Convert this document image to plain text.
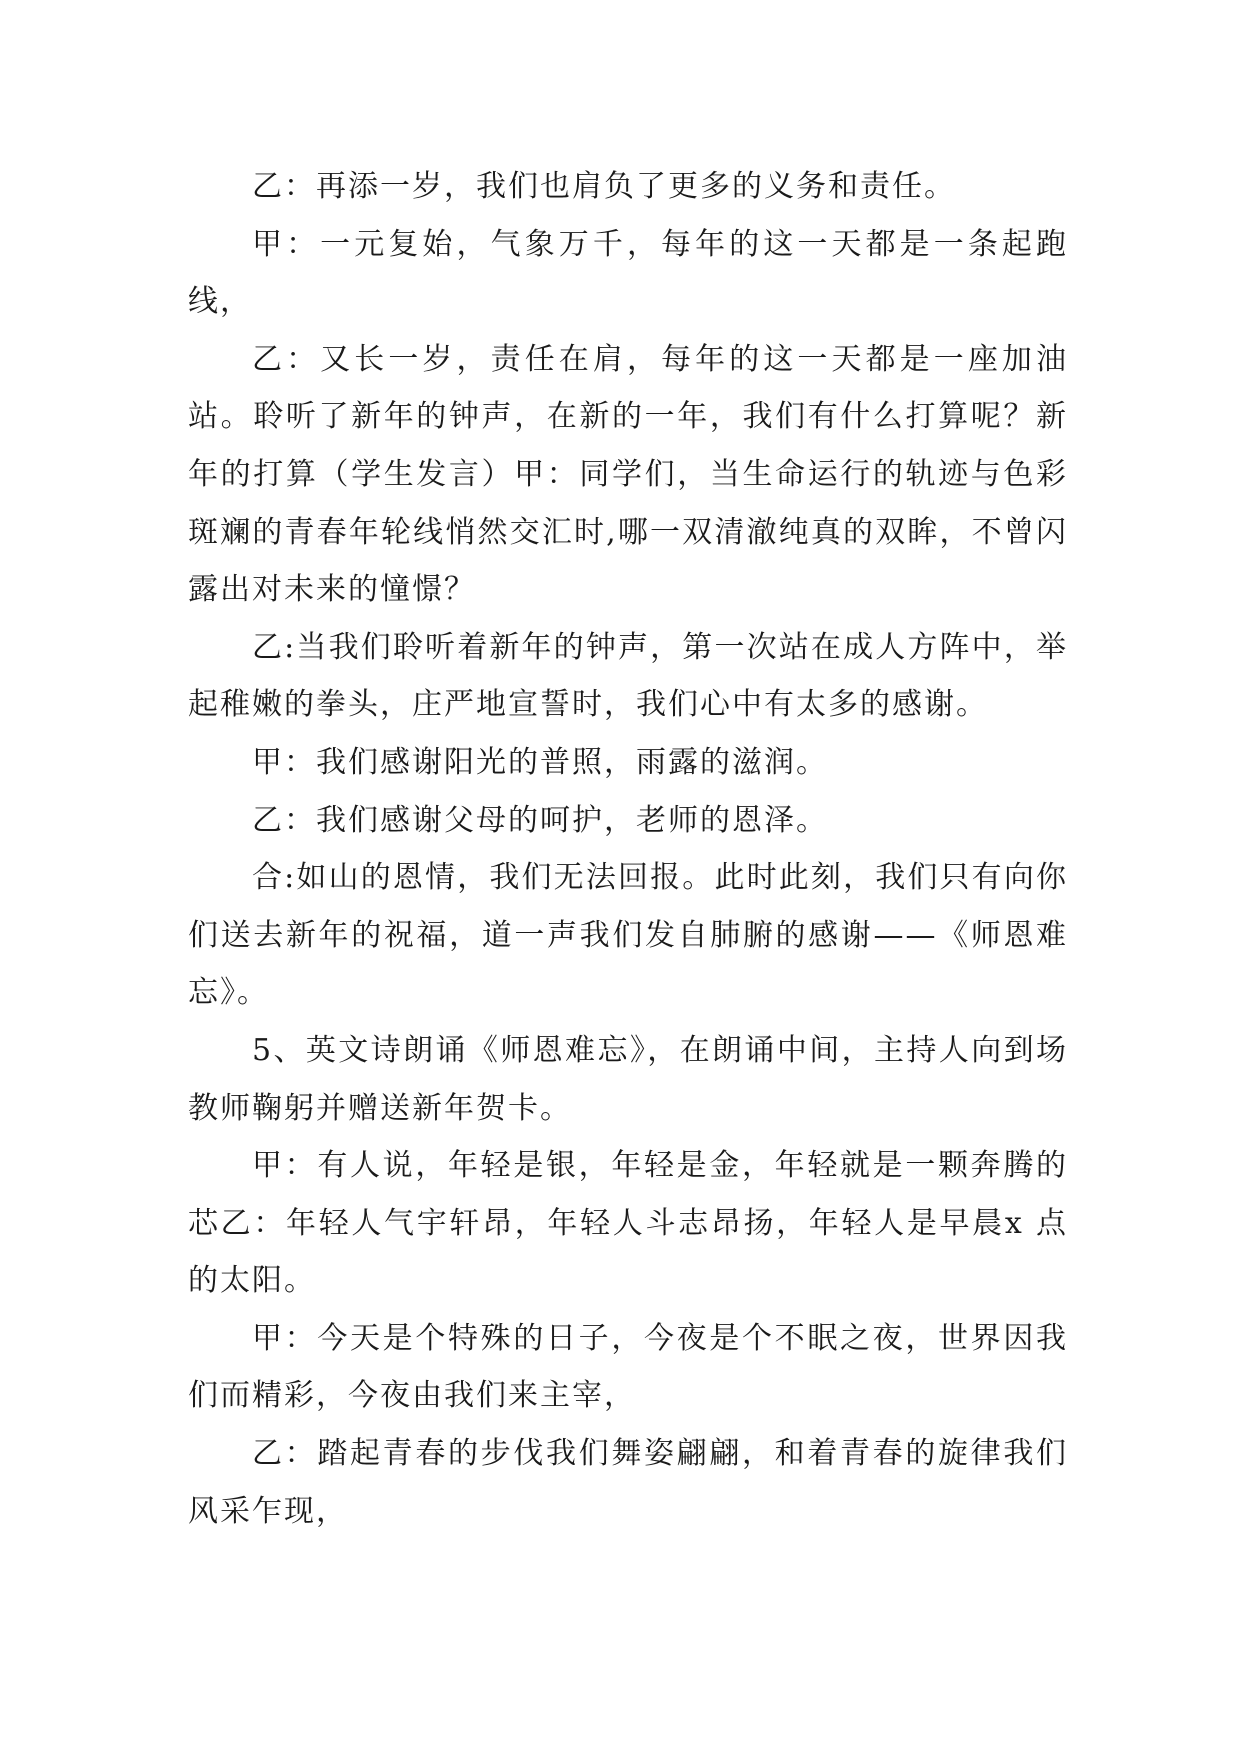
乙：再添一岁，我们也肩负了更多的义务和责任。

甲：一元复始，气象万千，每年的这一天都是一条起跑线，

乙：又长一岁，责任在肩，每年的这一天都是一座加油站。聆听了新年的钟声，在新的一年，我们有什么打算呢？新年的打算（学生发言）甲：同学们，当生命运行的轨迹与色彩斑斓的青春年轮线悄然交汇时,哪一双清澈纯真的双眸，不曾闪露出对未来的憧憬？

乙:当我们聆听着新年的钟声，第一次站在成人方阵中，举起稚嫩的拳头，庄严地宣誓时，我们心中有太多的感谢。

甲：我们感谢阳光的普照，雨露的滋润。

乙：我们感谢父母的呵护，老师的恩泽。

合:如山的恩情，我们无法回报。此时此刻，我们只有向你们送去新年的祝福，道一声我们发自肺腑的感谢——《师恩难忘》。

5、英文诗朗诵《师恩难忘》，在朗诵中间，主持人向到场教师鞠躬并赠送新年贺卡。

甲：有人说，年轻是银，年轻是金，年轻就是一颗奔腾的芯乙：年轻人气宇轩昂，年轻人斗志昂扬，年轻人是早晨x 点的太阳。

甲：今天是个特殊的日子，今夜是个不眠之夜，世界因我们而精彩，今夜由我们来主宰，

乙：踏起青春的步伐我们舞姿翩翩，和着青春的旋律我们风采乍现，
